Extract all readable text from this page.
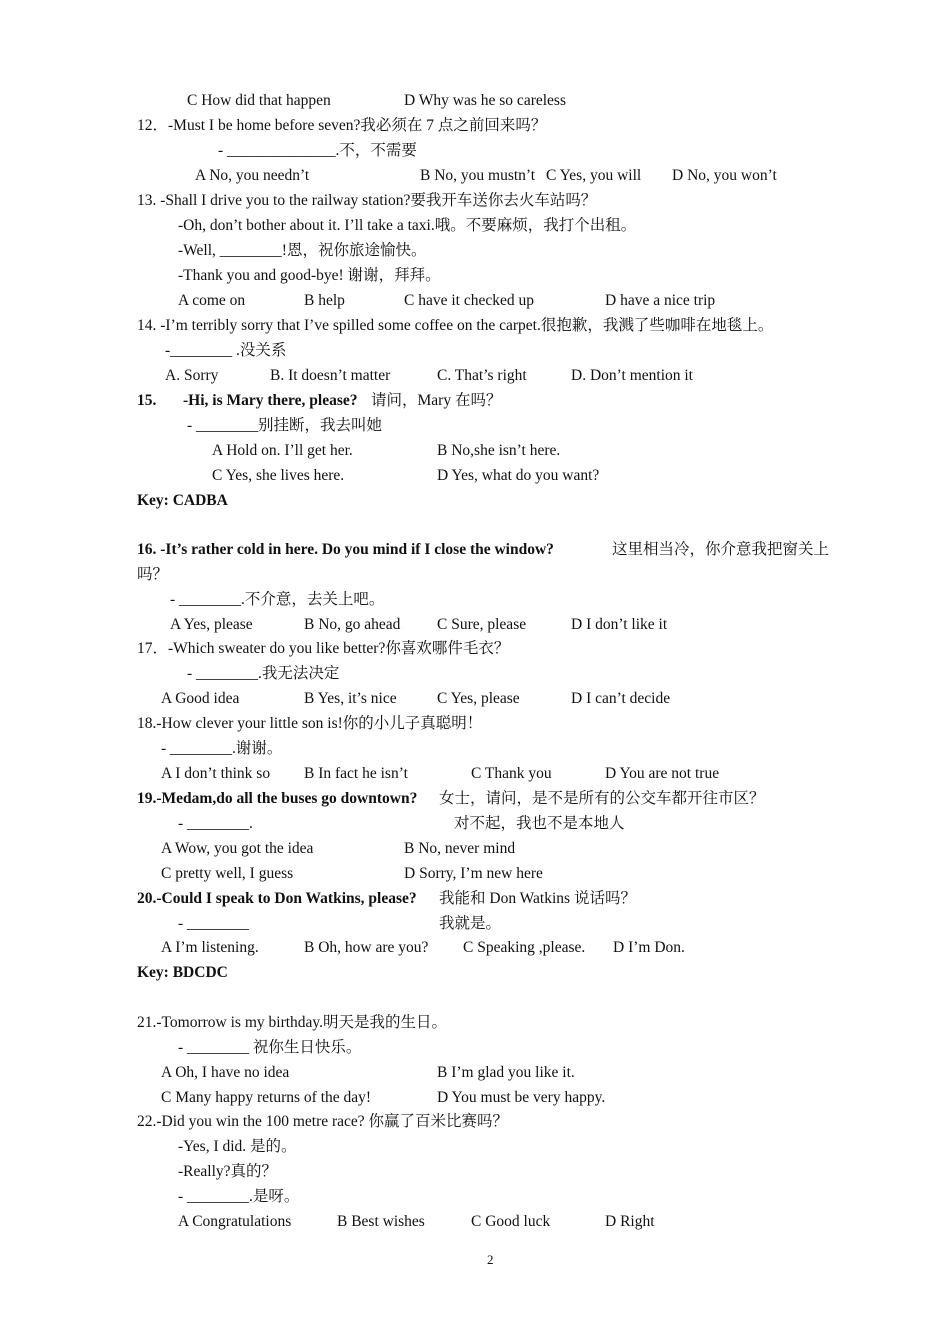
C How did that happen	D Why was he so careless
12．-Must I be home before seven?我必须在 7 点之前回来吗？
- ______________.不，不需要
A No, you needn’t	B No, you mustn’t C Yes, you will D No, you won’t
13. -Shall I drive you to the railway station?要我开车送你去火车站吗？
-Oh, don’t bother about it. I’ll take a taxi.哦。不要麻烦，我打个出租。
-Well, ________!恩，祝你旅途愉快。
-Thank you and good-bye! 谢谢，拜拜。
A come on	B help	C have it checked up	D have a nice trip
14. -I’m terribly sorry that I’ve spilled some coffee on the carpet.很抱歉，我溅了些咖啡在地毯上。
-________ .没关系
A. Sorry	B. It doesn’t matter	C. That’s right	D. Don’t mention it
15. -Hi, is Mary there, please? 请问，Mary 在吗？
- ________别挂断，我去叫她
A Hold on. I’ll get her.	B No,she isn’t here.
C Yes, she lives here.	D Yes, what do you want?
Key: CADBA
16. -It’s rather cold in here. Do you mind if I close the window?	这里相当冷，你介意我把窗关上
吗？
- ________.不介意，去关上吧。
A Yes, please	B No, go ahead C Sure, please	D I don’t like it
17．-Which sweater do you like better?你喜欢哪件毛衣？
- ________.我无法决定
A Good idea	B Yes, it’s nice	C Yes, please	D I can’t decide
18.-How clever your little son is!你的小儿子真聪明！
- ________.谢谢。
A I don’t think so B In fact he isn’t	C Thank you	D You are not true
19.-Medam,do all the buses go downtown? 女士，请问，是不是所有的公交车都开往市区？
- ________.	对不起，我也不是本地人
A Wow, you got the idea	B No, never mind
C pretty well, I guess	D Sorry, I’m new here
20.-Could I speak to Don Watkins, please? 我能和 Don Watkins 说话吗？
- ________	我就是。
A I’m listening.	B Oh, how are you? C Speaking ,please. D I’m Don.
Key: BDCDC
21.-Tomorrow is my birthday.明天是我的生日。
- ________ 祝你生日快乐。
A Oh, I have no idea	B I’m glad you like it.
C Many happy returns of the day!	D You must be very happy.
22.-Did you win the 100 metre race? 你赢了百米比赛吗？
-Yes, I did. 是的。
-Really?真的？
- ________.是呀。
A Congratulations	B Best wishes	C Good luck	D Right
2
